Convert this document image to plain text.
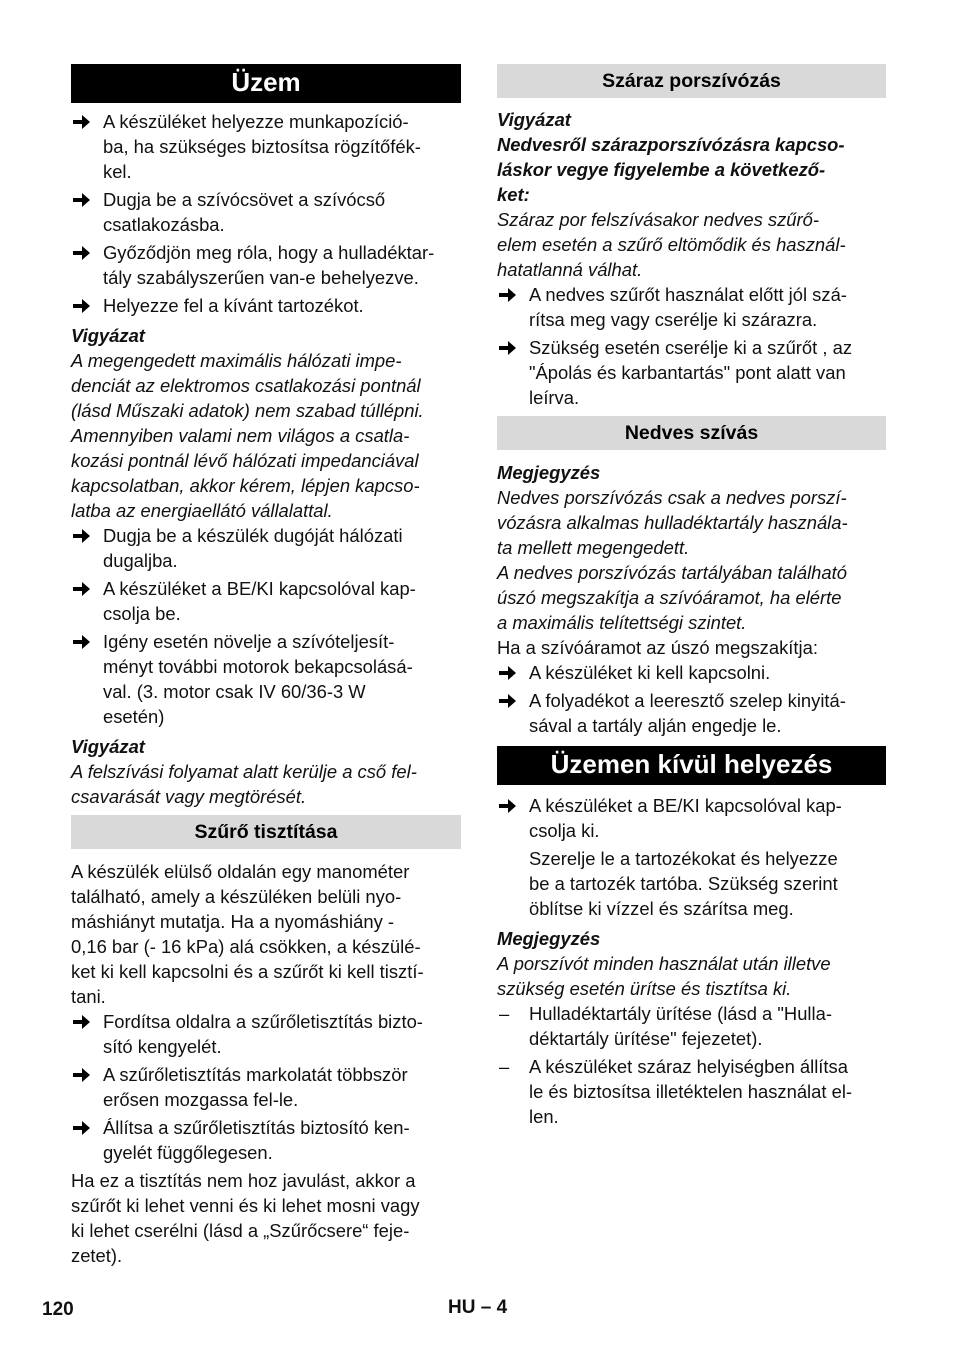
Üzem

A készüléket helyezze munkapozíció-

ba, ha szükséges biztosítsa rögzítőfék-

kel.

Dugja be a szívócsövet a szívócső

csatlakozásba.

Győződjön meg róla, hogy a hulladéktar-

tály szabályszerűen van-e behelyezve.

Helyezze fel a kívánt tartozékot.

Vigyázat

A megengedett maximális hálózati impe-

denciát az elektromos csatlakozási pontnál

(lásd Műszaki adatok) nem szabad túllépni.

Amennyiben valami nem világos a csatla-

kozási pontnál lévő hálózati impedanciával

kapcsolatban, akkor kérem, lépjen kapcso-

latba az energiaellátó vállalattal.

Dugja be a készülék dugóját hálózati

dugaljba.

A készüléket a BE/KI kapcsolóval kap-

csolja be.

Igény esetén növelje a szívóteljesít-

ményt további motorok bekapcsolásá-

val. (3. motor csak IV 60/36-3 W

esetén)

Vigyázat

A felszívási folyamat alatt kerülje a cső fel-

csavarását vagy megtörését.

Szűrő tisztítása

A készülék elülső oldalán egy manométer

található, amely a készüléken belüli nyo-

máshiányt mutatja. Ha a nyomáshiány -

0,16 bar (- 16 kPa) alá csökken, a készülé-

ket ki kell kapcsolni és a szűrőt ki kell tisztí-

tani.

Fordítsa oldalra a szűrőletisztítás bizto-

sító kengyelét.

A szűrőletisztítás markolatát többször

erősen mozgassa fel-le.

Állítsa a szűrőletisztítás biztosító ken-

gyelét függőlegesen.

Ha ez a tisztítás nem hoz javulást, akkor a

szűrőt ki lehet venni és ki lehet mosni vagy

ki lehet cserélni (lásd a „Szűrőcsere“ feje-

zetet).

Száraz porszívózás

Vigyázat

Nedvesről szárazporszívózásra kapcso-

láskor vegye figyelembe a következő-

ket:

Száraz por felszívásakor nedves szűrő-

elem esetén a szűrő eltömődik és használ-

hatatlanná válhat.

A nedves szűrőt használat előtt jól szá-

rítsa meg vagy cserélje ki szárazra.

Szükség esetén cserélje ki a szűrőt , az

"Ápolás és karbantartás" pont alatt van

leírva.

Nedves szívás

Megjegyzés

Nedves porszívózás csak a nedves porszí-

vózásra alkalmas hulladéktartály használa-

ta mellett megengedett.

A nedves porszívózás tartályában található

úszó megszakítja a szívóáramot, ha elérte

a maximális telítettségi szintet.

Ha a szívóáramot az úszó megszakítja:

A készüléket ki kell kapcsolni.

A folyadékot a leeresztő szelep kinyitá-

sával a tartály alján engedje le.

Üzemen kívül helyezés

A készüléket a BE/KI kapcsolóval kap-

csolja ki.

Szerelje le a tartozékokat és helyezze

be a tartozék tartóba. Szükség szerint

öblítse ki vízzel és szárítsa meg.

Megjegyzés

A porszívót minden használat után illetve

szükség esetén ürítse és tisztítsa ki.

– Hulladéktartály ürítése (lásd a "Hulla-

déktartály ürítése" fejezetet).

– A készüléket száraz helyiségben állítsa

le és biztosítsa illetéktelen használat el-

len.

120	HU – 4
